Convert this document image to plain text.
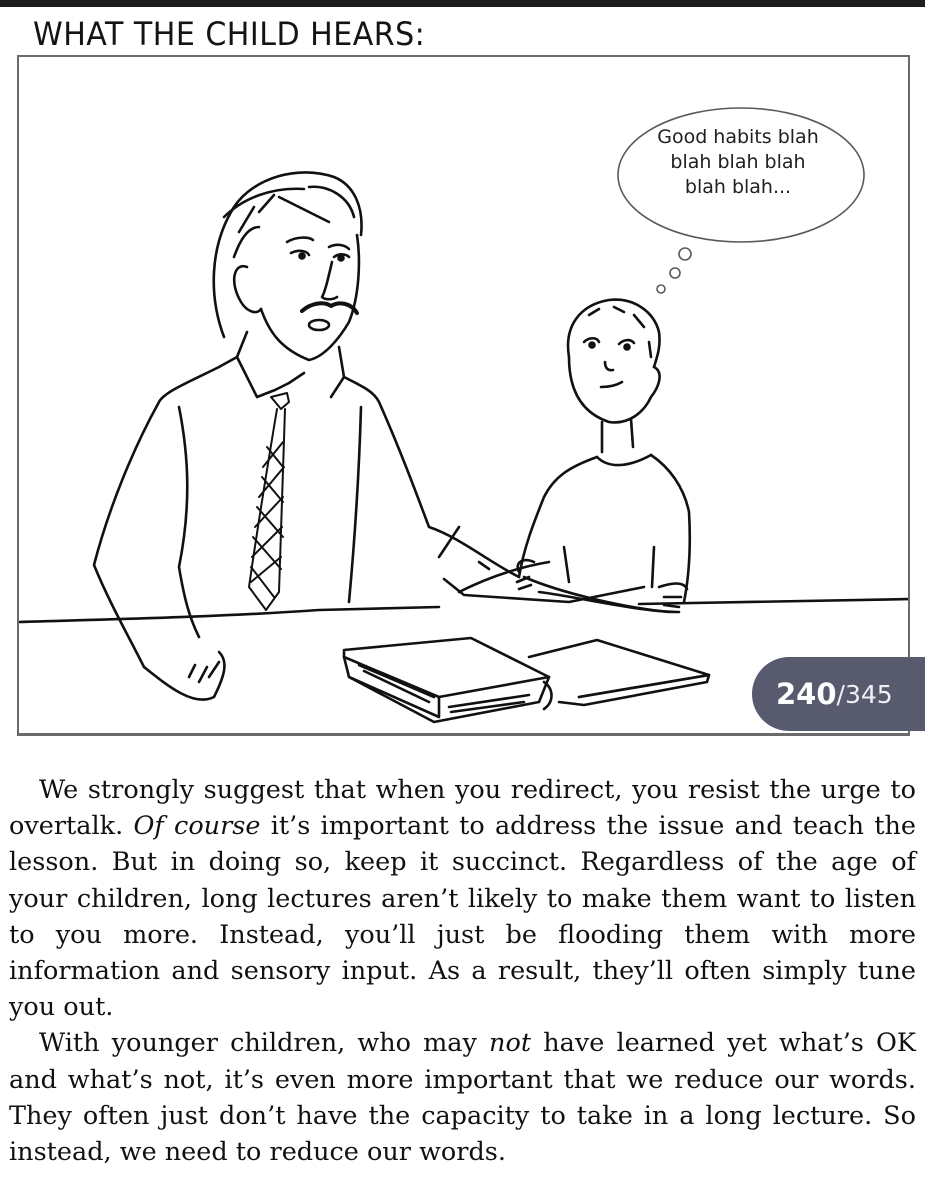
WHAT THE CHILD HEARS:
Good habits blah
blah blah blah
blah blah...
240 / 345

We strongly suggest that when you redirect, you resist the urge to overtalk. Of course it’s important to address the issue and teach the lesson. But in doing so, keep it succinct. Regardless of the age of your children, long lectures aren’t likely to make them want to listen to you more. Instead, you’ll just be flooding them with more information and sensory input. As a result, they’ll often simply tune you out.

With younger children, who may not have learned yet what’s OK and what’s not, it’s even more important that we reduce our words. They often just don’t have the capacity to take in a long lecture. So instead, we need to reduce our words.
